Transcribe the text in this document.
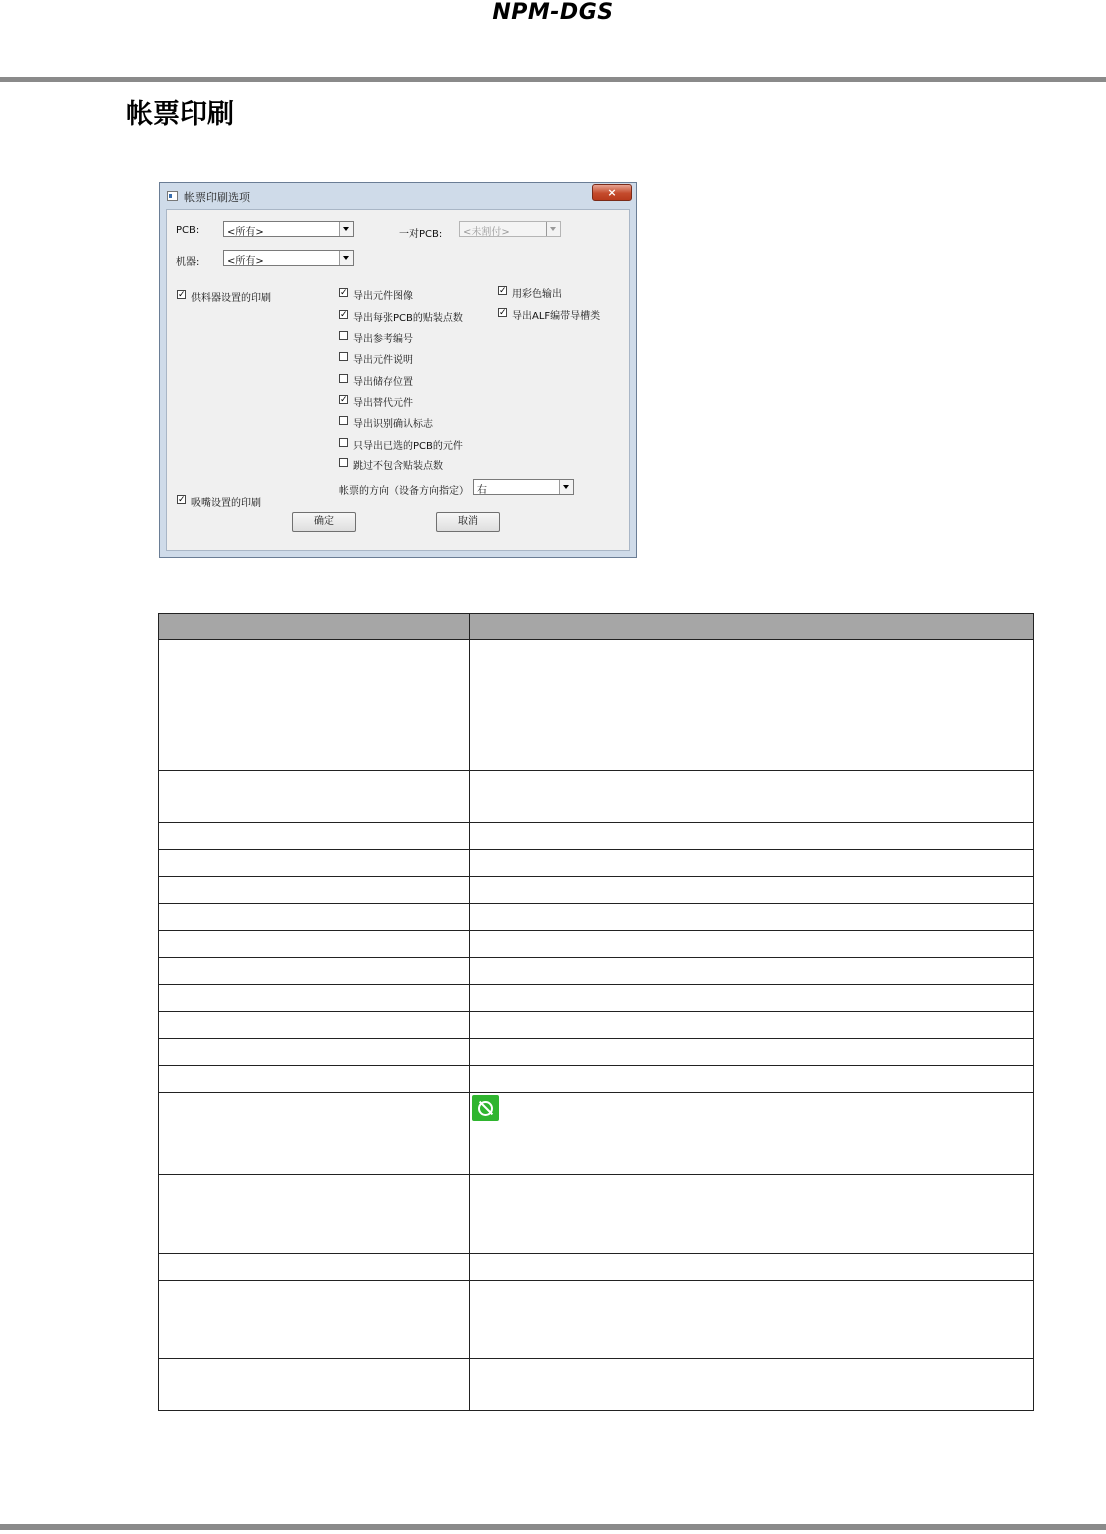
NPM-DGS
帐票印刷
帐票印刷选项	×
PCB:	<所有>	一对PCB: <未割付>
机器:	<所有>
✓ 供料器设置的印刷	✓ 导出元件图像
✓ 导出每张PCB的贴装点数
导出参考编号
导出元件说明
导出储存位置
✓ 导出替代元件
导出识别确认标志
只导出已选的PCB的元件
跳过不包含贴装点数
✓ 用彩色输出
✓ 导出ALF编带导槽类
帐票的方向（设备方向指定） 右
✓ 吸嘴设置的印刷
确定	取消
